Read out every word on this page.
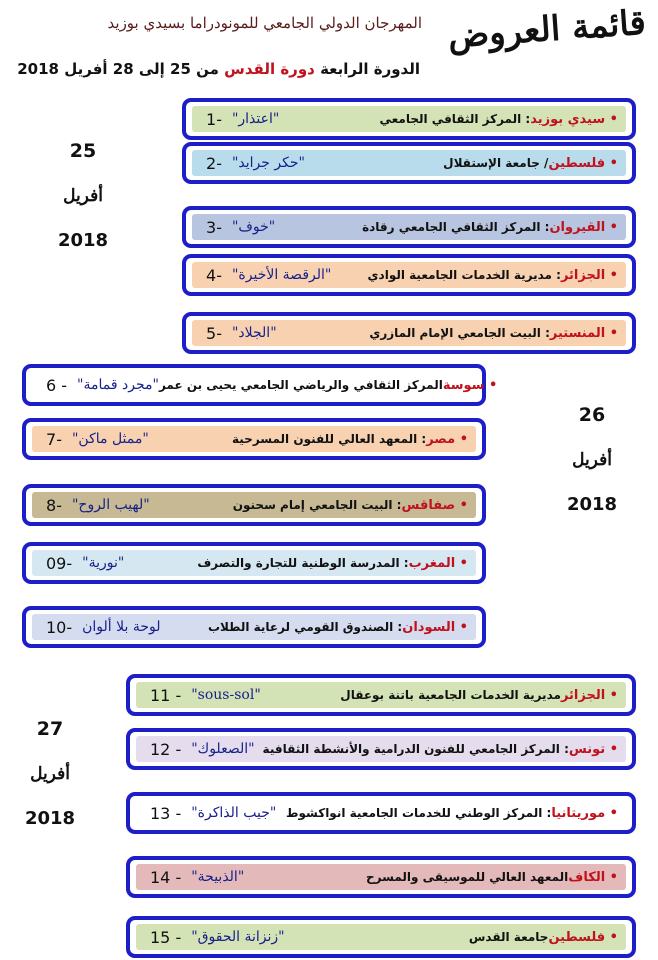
قائمة العروض
المهرجان الدولي الجامعي للمونودراما بسيدي بوزيد
الدورة الرابعة دورة القدس من 25 إلى 28 أفريل 2018
25
أفريل
2018
26
أفريل
2018
27
أفريل
2018
-1 "اعتذار"	: المركز الثقافي الجامعي • سيدي بوزيد
-2 "حكر جرايد"	/ جامعة الإستقلال • فلسطين
-3 "خوف"	: المركز الثقافي الجامعي رقادة • القيروان
-4 "الرقصة الأخيرة"	: مديرية الخدمات الجامعية الوادي • الجزائر
-5 "الجلاد"	: البيت الجامعي الإمام المازري • المنستير
- 6 "مجرد قمامة" المركز الثقافي والرياضي الجامعي يحيى بن عمر • سوسة
-7 "ممثل ماكن"	: المعهد العالي للفنون المسرحية • مصر
-8 "لهيب الروح"	: البيت الجامعي إمام سحنون • صفاقس
-09 "نورية"	: المدرسة الوطنية للتجارة والتصرف • المغرب
-10 لوحة بلا ألوان	: الصندوق القومي لرعاية الطلاب • السودان
- 11 "sous-sol"	مديرية الخدمات الجامعية باتنة بوعقال • الجزائر
- 12 "الصعلوك" : المركز الجامعي للفنون الدرامية والأنشطة الثقافية • تونس
- 13 "جيب الذاكرة" : المركز الوطني للخدمات الجامعية انواكشوط • موريتانيا
- 14 "الذبيحة"	المعهد العالي للموسيقى والمسرح • الكاف
- 15 "زنزانة الحقوق"	جامعة القدس • فلسطين
